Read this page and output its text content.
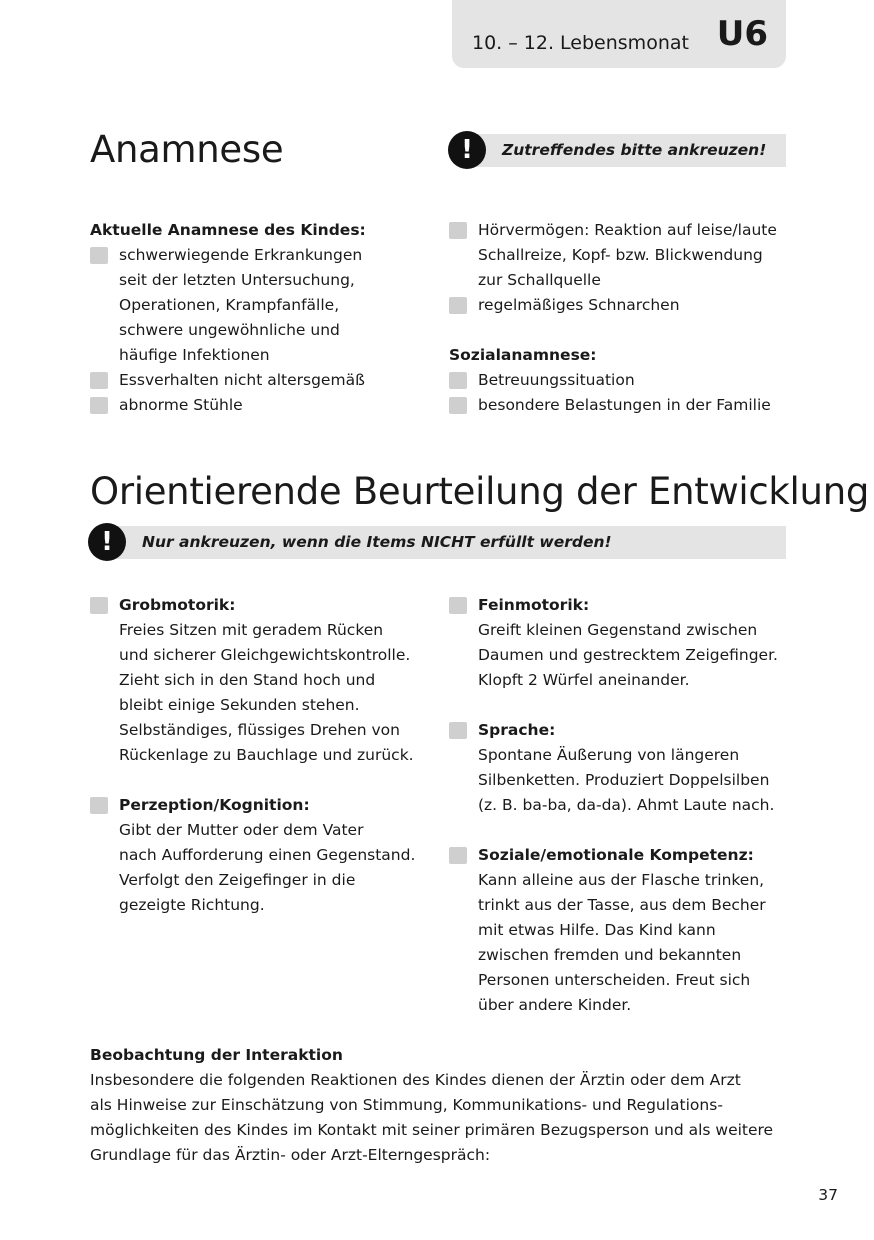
10. – 12. Lebensmonat U6
Anamnese	!	Zutreffendes bitte ankreuzen!
Aktuelle Anamnese des Kindes:
schwerwiegende Erkrankungen
seit der letzten Untersuchung,
Operationen, Krampfanfälle,
schwere ungewöhnliche und
häufige Infektionen
Essverhalten nicht altersgemäß
abnorme Stühle
Hörvermögen: Reaktion auf leise/laute
Schallreize, Kopf- bzw. Blickwendung
zur Schallquelle
regelmäßiges Schnarchen
Sozialanamnese:
Betreuungssituation
besondere Belastungen in der Familie
Orientierende Beurteilung der Entwicklung
!	Nur ankreuzen, wenn die Items NICHT erfüllt werden!
Grobmotorik:
Freies Sitzen mit geradem Rücken
und sicherer Gleichgewichtskontrolle.
Zieht sich in den Stand hoch und
bleibt einige Sekunden stehen.
Selbständiges, flüssiges Drehen von
Rückenlage zu Bauchlage und zurück.
Perzeption/Kognition:
Gibt der Mutter oder dem Vater
nach Aufforderung einen Gegenstand.
Verfolgt den Zeigefinger in die
gezeigte Richtung.
Feinmotorik:
Greift kleinen Gegenstand zwischen
Daumen und gestrecktem Zeigefinger.
Klopft 2 Würfel aneinander.
Sprache:
Spontane Äußerung von längeren
Silbenketten. Produziert Doppelsilben
(z. B. ba-ba, da-da). Ahmt Laute nach.
Soziale/emotionale Kompetenz:
Kann alleine aus der Flasche trinken,
trinkt aus der Tasse, aus dem Becher
mit etwas Hilfe. Das Kind kann
zwischen fremden und bekannten
Personen unterscheiden. Freut sich
über andere Kinder.
Beobachtung der Interaktion
Insbesondere die folgenden Reaktionen des Kindes dienen der Ärztin oder dem Arzt
als Hinweise zur Einschätzung von Stimmung, Kommunikations- und Regulations-
möglichkeiten des Kindes im Kontakt mit seiner primären Bezugsperson und als weitere
Grundlage für das Ärztin- oder Arzt-Elterngespräch:
37
